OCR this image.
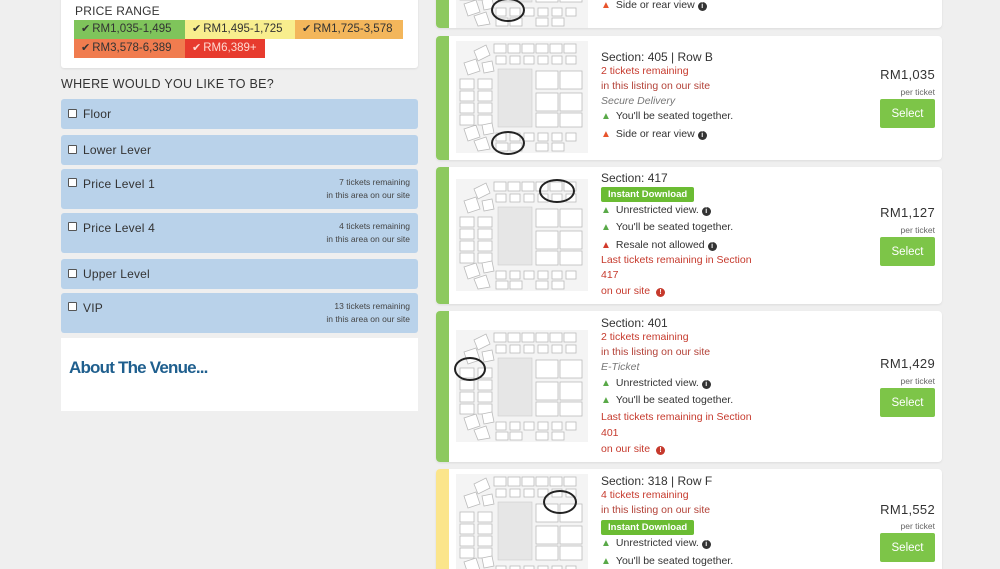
PRICE RANGE
✔ RM1,035-1,495	✔ RM1,495-1,725	✔ RM1,725-3,578
✔ RM3,578-6,389	✔ RM6,389+
WHERE WOULD YOU LIKE TO BE?
Floor
Lower Lever
Price Level 1	7 tickets remaining
in this area on our site
Price Level 4	4 tickets remaining
in this area on our site
Upper Level
VIP	13 tickets remaining
in this area on our site
About The Venue...
▲ Side or rear view i
Section: 405 | Row B
2 tickets remaining
in this listing on our site
Secure Delivery
▲ You'll be seated together.
▲ Side or rear view i
RM1,035
per ticket
Select
Section: 417
Instant Download
▲ Unrestricted view. i
▲ You'll be seated together.
▲ Resale not allowed i
Last tickets remaining in Section
417
on our site !
RM1,127
per ticket
Select
Section: 401
2 tickets remaining
in this listing on our site
E-Ticket
▲ Unrestricted view. i
▲ You'll be seated together.
Last tickets remaining in Section
401
on our site !
RM1,429
per ticket
Select
Section: 318 | Row F
4 tickets remaining
in this listing on our site
Instant Download
▲ Unrestricted view. i
▲ You'll be seated together.
RM1,552
per ticket
Select
